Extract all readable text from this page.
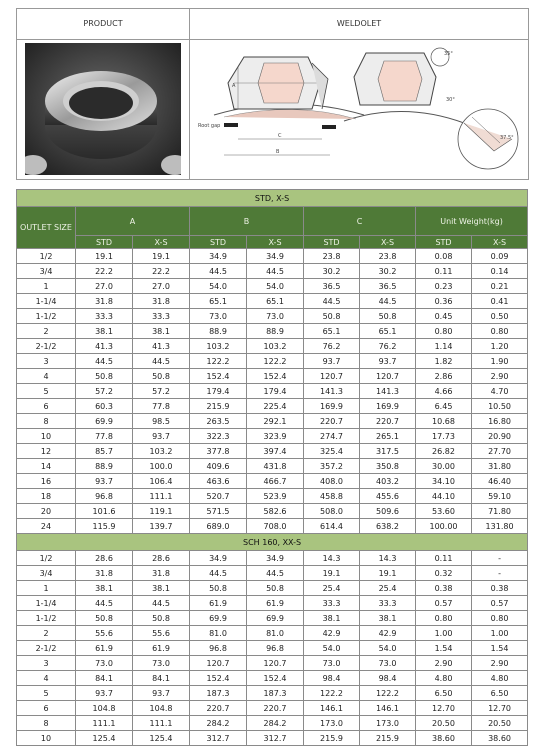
PRODUCT	WELDOLET
A
C
B
Root gap
35°
37.5°
30°
STD, X-S								
OUTLET SIZE	A		B		C		Unit Weight(kg)	
	STD	X-S	STD	X-S	STD	X-S	STD	X-S
1/2	19.1	19.1	34.9	34.9	23.8	23.8	0.08	0.09
3/4	22.2	22.2	44.5	44.5	30.2	30.2	0.11	0.14
1	27.0	27.0	54.0	54.0	36.5	36.5	0.23	0.21
1-1/4	31.8	31.8	65.1	65.1	44.5	44.5	0.36	0.41
1-1/2	33.3	33.3	73.0	73.0	50.8	50.8	0.45	0.50
2	38.1	38.1	88.9	88.9	65.1	65.1	0.80	0.80
2-1/2	41.3	41.3	103.2	103.2	76.2	76.2	1.14	1.20
3	44.5	44.5	122.2	122.2	93.7	93.7	1.82	1.90
4	50.8	50.8	152.4	152.4	120.7	120.7	2.86	2.90
5	57.2	57.2	179.4	179.4	141.3	141.3	4.66	4.70
6	60.3	77.8	215.9	225.4	169.9	169.9	6.45	10.50
8	69.9	98.5	263.5	292.1	220.7	220.7	10.68	16.80
10	77.8	93.7	322.3	323.9	274.7	265.1	17.73	20.90
12	85.7	103.2	377.8	397.4	325.4	317.5	26.82	27.70
14	88.9	100.0	409.6	431.8	357.2	350.8	30.00	31.80
16	93.7	106.4	463.6	466.7	408.0	403.2	34.10	46.40
18	96.8	111.1	520.7	523.9	458.8	455.6	44.10	59.10
20	101.6	119.1	571.5	582.6	508.0	509.6	53.60	71.80
24	115.9	139.7	689.0	708.0	614.4	638.2	100.00	131.80
SCH 160, XX-S								
1/2	28.6	28.6	34.9	34.9	14.3	14.3	0.11	-
3/4	31.8	31.8	44.5	44.5	19.1	19.1	0.32	-
1	38.1	38.1	50.8	50.8	25.4	25.4	0.38	0.38
1-1/4	44.5	44.5	61.9	61.9	33.3	33.3	0.57	0.57
1-1/2	50.8	50.8	69.9	69.9	38.1	38.1	0.80	0.80
2	55.6	55.6	81.0	81.0	42.9	42.9	1.00	1.00
2-1/2	61.9	61.9	96.8	96.8	54.0	54.0	1.54	1.54
3	73.0	73.0	120.7	120.7	73.0	73.0	2.90	2.90
4	84.1	84.1	152.4	152.4	98.4	98.4	4.80	4.80
5	93.7	93.7	187.3	187.3	122.2	122.2	6.50	6.50
6	104.8	104.8	220.7	220.7	146.1	146.1	12.70	12.70
8	111.1	111.1	284.2	284.2	173.0	173.0	20.50	20.50
10	125.4	125.4	312.7	312.7	215.9	215.9	38.60	38.60
